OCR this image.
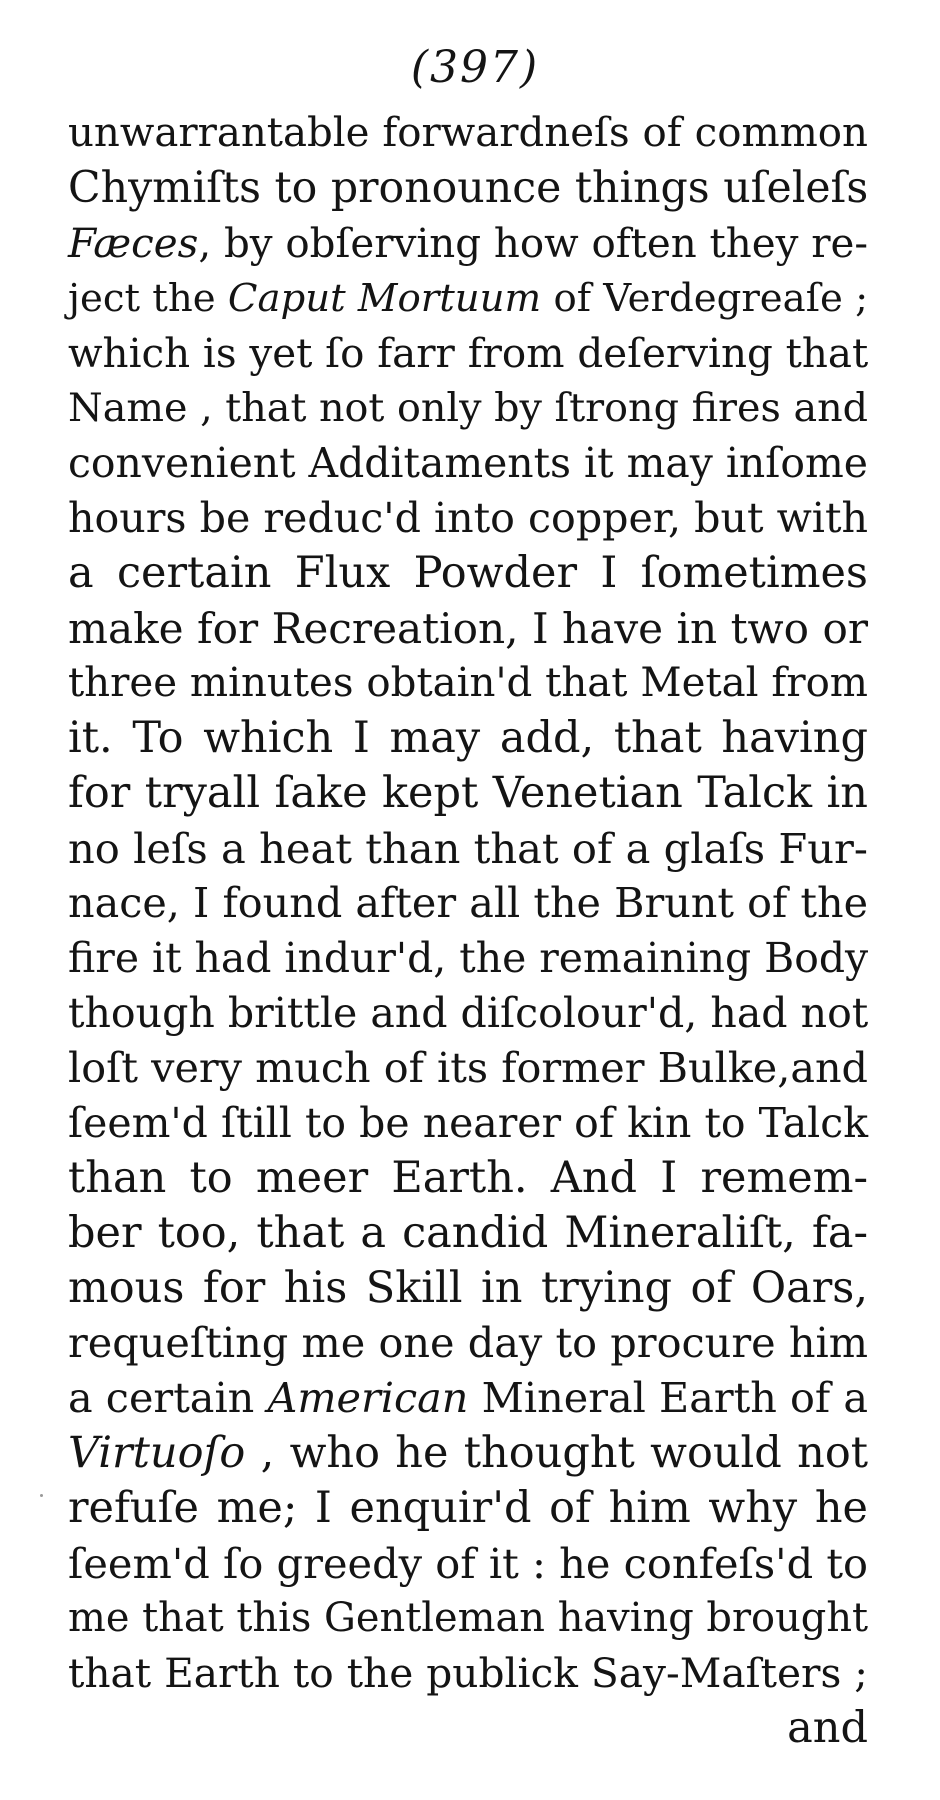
(397)
unwarrantable forwardneſs of common
Chymiſts to pronounce things uſeleſs
Fæces, by obſerving how often they re-
ject the Caput Mortuum of Verdegreaſe ;
which is yet ſo farr from deſerving that
Name , that not only by ſtrong fires and
convenient Additaments it may inſome
hours be reduc'd into copper, but with
a certain Flux Powder I ſometimes
make for Recreation, I have in two or
three minutes obtain'd that Metal from
it. To which I may add, that having
for tryall ſake kept Venetian Talck in
no leſs a heat than that of a glaſs Fur-
nace, I found after all the Brunt of the
fire it had indur'd, the remaining Body
though brittle and diſcolour'd, had not
loſt very much of its former Bulke,and
ſeem'd ſtill to be nearer of kin to Talck
than to meer Earth. And I remem-
ber too, that a candid Mineraliſt, fa-
mous for his Skill in trying of Oars,
requeſting me one day to procure him
a certain American Mineral Earth of a
Virtuoſo , who he thought would not
refuſe me; I enquir'd of him why he
ſeem'd ſo greedy of it : he confeſs'd to
me that this Gentleman having brought
that Earth to the publick Say-Maſters ;
and
